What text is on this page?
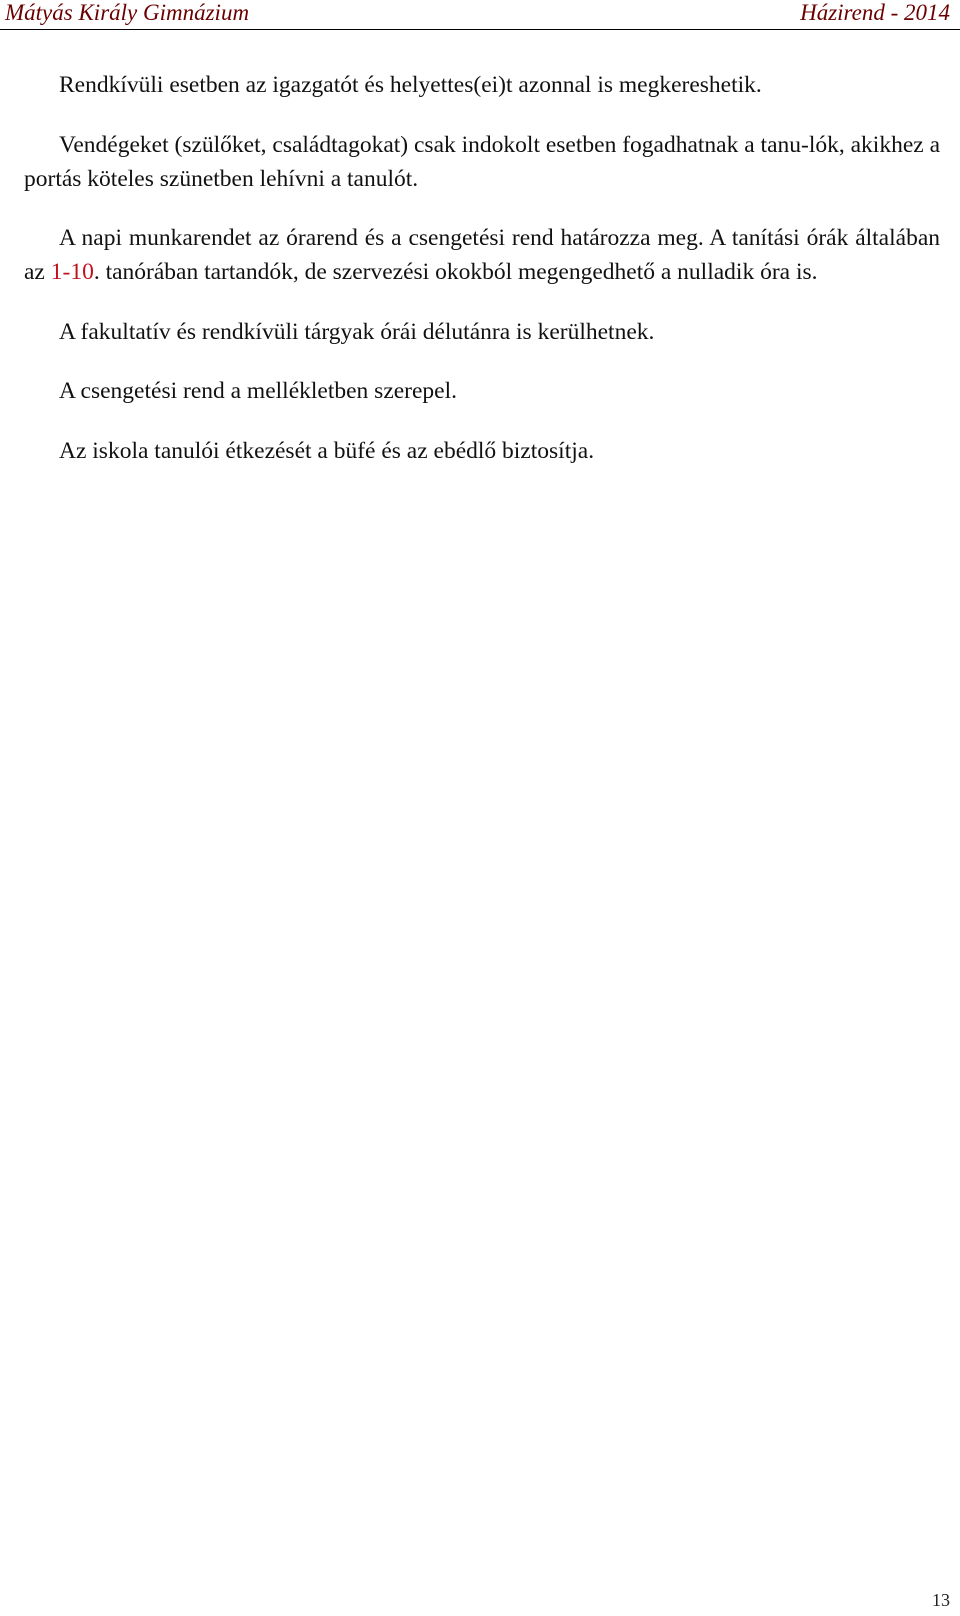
Mátyás Király Gimnázium	Házirend - 2014

Rendkívüli esetben az igazgatót és helyettes(ei)t azonnal is megkereshetik.

Vendégeket (szülőket, családtagokat) csak indokolt esetben fogadhatnak a tanu-lók, akikhez a portás köteles szünetben lehívni a tanulót.

A napi munkarendet az órarend és a csengetési rend határozza meg. A tanítási órák általában az 1-10. tanórában tartandók, de szervezési okokból megengedhető a nulladik óra is.

A fakultatív és rendkívüli tárgyak órái délutánra is kerülhetnek.

A csengetési rend a mellékletben szerepel.

Az iskola tanulói étkezését a büfé és az ebédlő biztosítja.

13
